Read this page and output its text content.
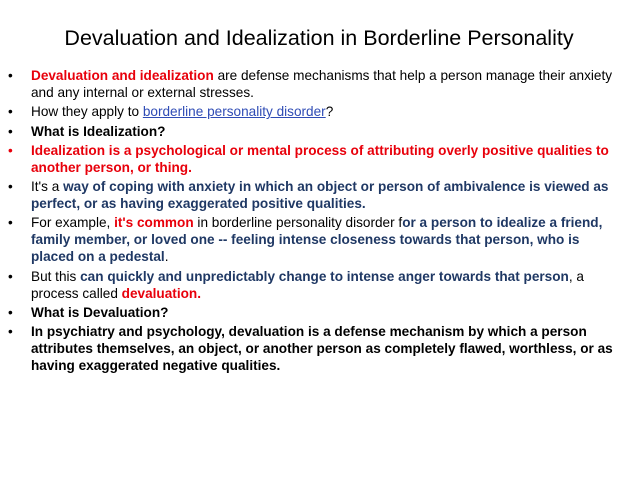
Devaluation and Idealization in Borderline Personality
• Devaluation and idealization are defense mechanisms that help a person manage their anxiety and any internal or external stresses.
• How they apply to borderline personality disorder?
• What is Idealization?
• Idealization is a psychological or mental process of attributing overly positive qualities to another person, or thing.
• It's a way of coping with anxiety in which an object or person of ambivalence is viewed as perfect, or as having exaggerated positive qualities.
• For example, it's common in borderline personality disorder for a person to idealize a friend, family member, or loved one -- feeling intense closeness towards that person, who is placed on a pedestal.
• But this can quickly and unpredictably change to intense anger towards that person, a process called devaluation.
• What is Devaluation?
• In psychiatry and psychology, devaluation is a defense mechanism by which a person attributes themselves, an object, or another person as completely flawed, worthless, or as having exaggerated negative qualities.
